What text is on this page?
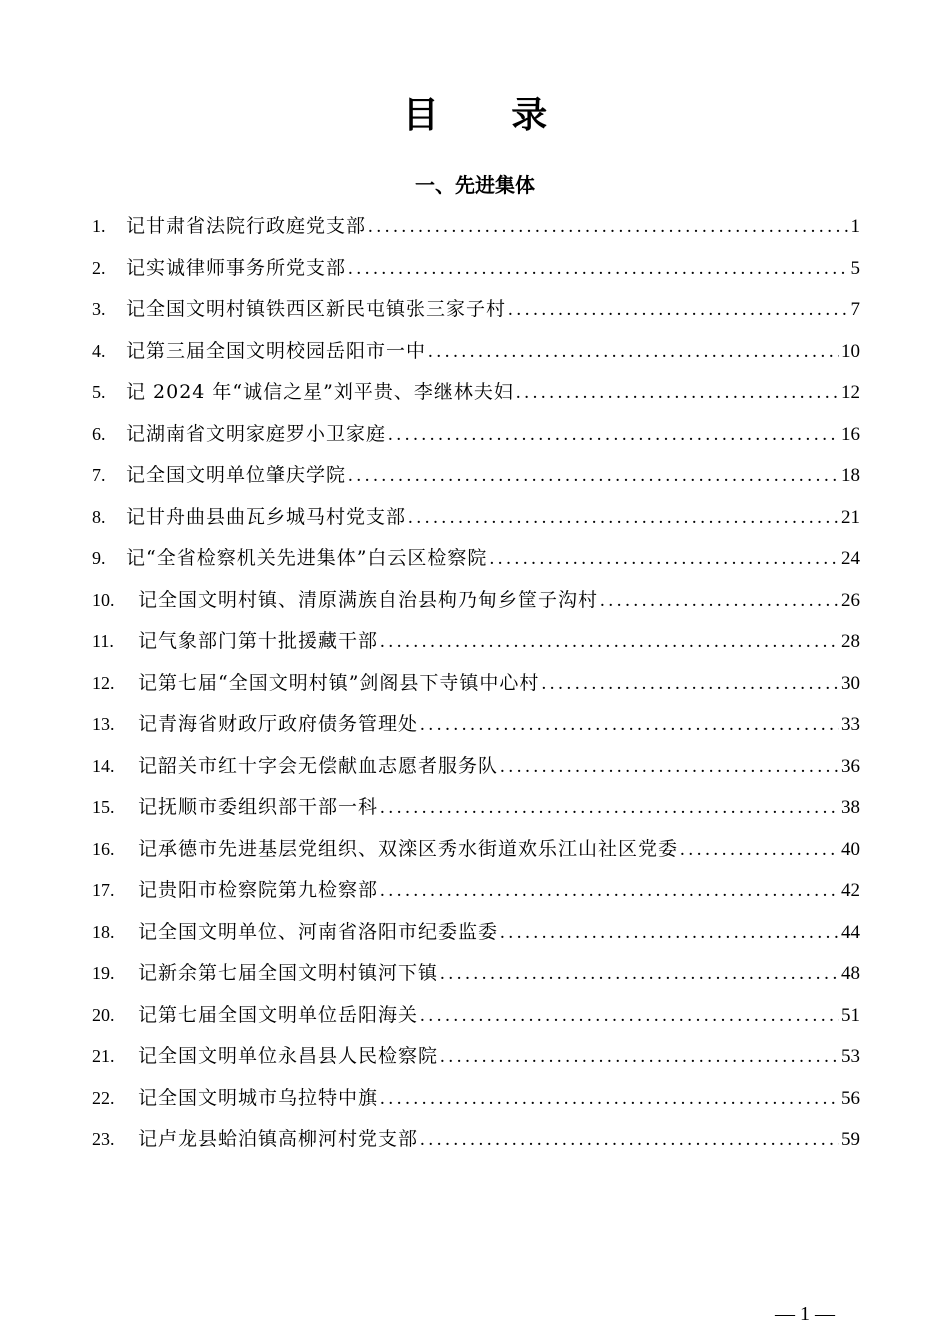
目 录
一、先进集体
1.	记甘肃省法院行政庭党支部 .....	1
2.	记实诚律师事务所党支部 .....	5
3.	记全国文明村镇铁西区新民屯镇张三家子村 .....	7
4.	记第三届全国文明校园岳阳市一中 .....	10
5.	记 2024 年“诚信之星”刘平贵、李继林夫妇 .....	12
6.	记湖南省文明家庭罗小卫家庭 .....	16
7.	记全国文明单位肇庆学院 .....	18
8.	记甘舟曲县曲瓦乡城马村党支部 .....	21
9.	记“全省检察机关先进集体”白云区检察院 .....	24
10.	记全国文明村镇、清原满族自治县枸乃甸乡筐子沟村 .....	26
11.	记气象部门第十批援藏干部 .....	28
12.	记第七届“全国文明村镇”剑阁县下寺镇中心村 .....	30
13.	记青海省财政厅政府债务管理处 .....	33
14.	记韶关市红十字会无偿献血志愿者服务队 .....	36
15.	记抚顺市委组织部干部一科 .....	38
16.	记承德市先进基层党组织、双滦区秀水街道欢乐江山社区党委 .....	40
17.	记贵阳市检察院第九检察部 .....	42
18.	记全国文明单位、河南省洛阳市纪委监委 .....	44
19.	记新余第七届全国文明村镇河下镇 .....	48
20.	记第七届全国文明单位岳阳海关 .....	51
21.	记全国文明单位永昌县人民检察院 .....	53
22.	记全国文明城市乌拉特中旗 .....	56
23.	记卢龙县蛤泊镇高柳河村党支部 .....	59
— 1 —
